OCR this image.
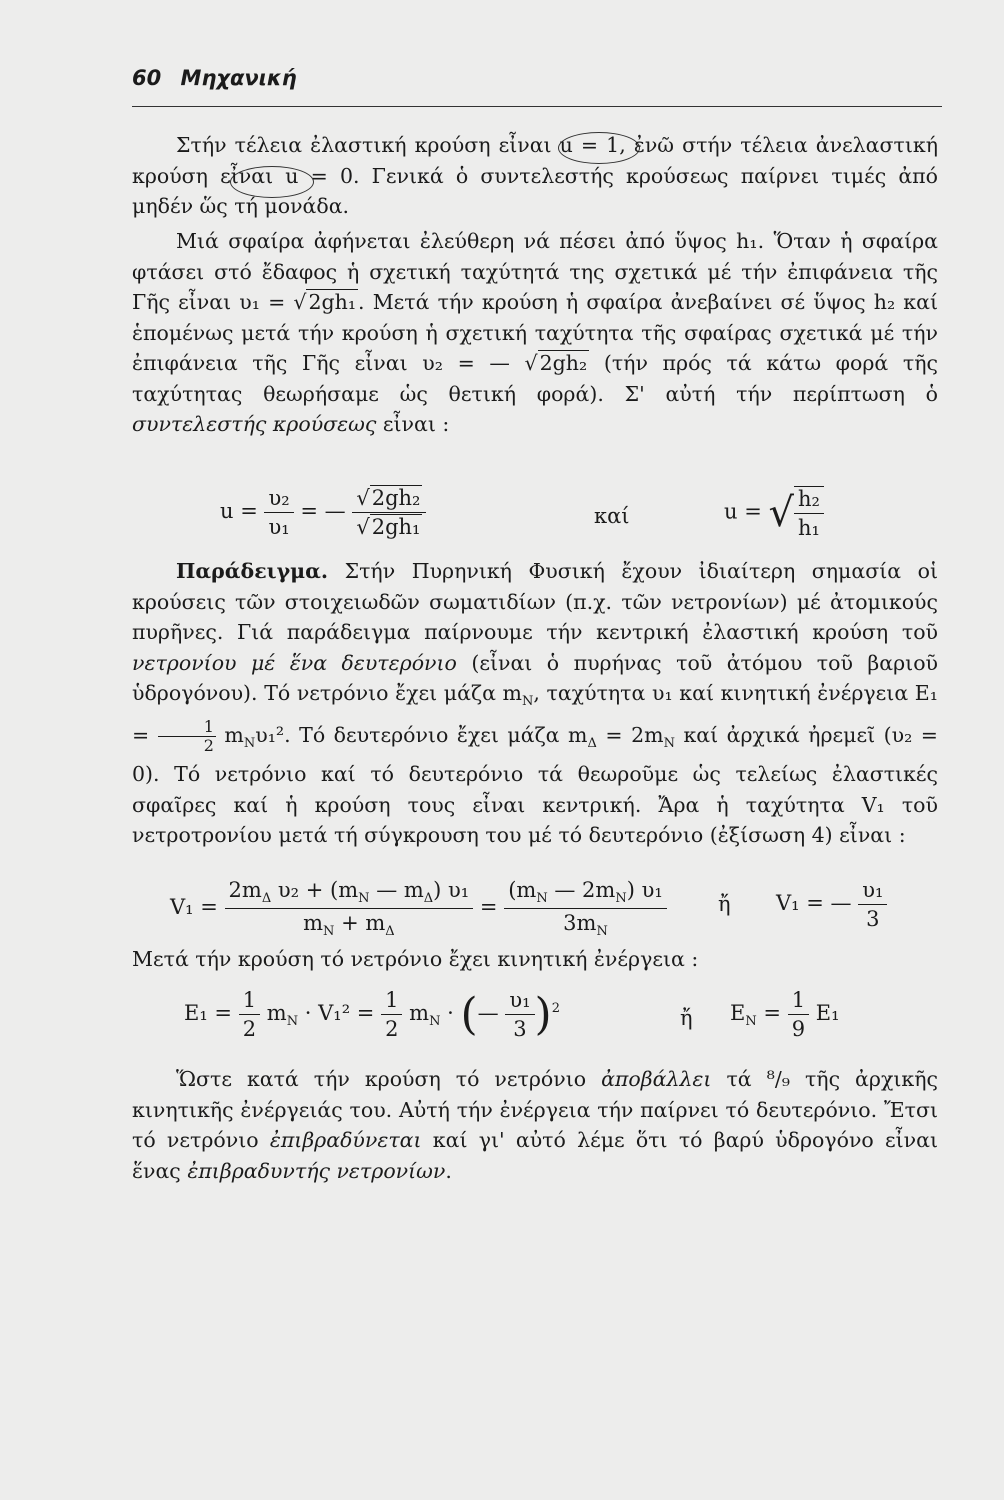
60 Μηχανική

Στήν τέλεια ἐλαστική κρούση εἶναι u = 1, ἐνῶ στήν τέλεια ἀνελαστική κρούση εἶναι u = 0. Γενικά ὁ συντελεστής κρούσεως παίρνει τιμές ἀπό μηδέν ὥς τή μονάδα.

Μιά σφαίρα ἀφήνεται ἐλεύθερη νά πέσει ἀπό ὕψος h₁. Ὅταν ἡ σφαίρα φτάσει στό ἔδαφος ἡ σχετική ταχύτητά της σχετικά μέ τήν ἐπιφάνεια τῆς Γῆς εἶναι υ₁ = √2gh₁. Μετά τήν κρούση ἡ σφαίρα ἀνεβαίνει σέ ὕψος h₂ καί ἑπομένως μετά τήν κρούση ἡ σχετική ταχύτητα τῆς σφαίρας σχετικά μέ τήν ἐπιφάνεια τῆς Γῆς εἶναι υ₂ = — √2gh₂ (τήν πρός τά κάτω φορά τῆς ταχύτητας θεωρήσαμε ὡς θετική φορά). Σ' αὐτή τήν περίπτωση ὁ συντελεστής κρούσεως εἶναι :

$u = \frac{\text{υ₂}}{\text{υ₁}}$ = — $\frac{\text{√2gh₂}}{\text{√2gh₁}}$	καί	u = √ $\frac{\text{h₂}}{\text{h₁}}$

Παράδειγμα. Στήν Πυρηνική Φυσική ἔχουν ἰδιαίτερη σημασία οἱ κρούσεις τῶν στοιχειωδῶν σωματιδίων (π.χ. τῶν νετρονίων) μέ ἀτομικούς πυρῆνες. Γιά παράδειγμα παίρνουμε τήν κεντρική ἐλαστική κρούση τοῦ νετρονίου μέ ἕνα δευτερόνιο (εἶναι ὁ πυρήνας τοῦ ἀτόμου τοῦ βαριοῦ ὑδρογόνου). Τό νετρόνιο ἔχει μάζα $m_N$, ταχύτητα υ₁ καί κινητική ἐνέργεια $E_1 = \frac{1}{2} m_N\upsilon_1^2$. Τό δευτερόνιο ἔχει μάζα $m_\Delta = 2m_N$ καί ἀρχικά ἠρεμεῖ (υ₂ = 0). Τό νετρόνιο καί τό δευτερόνιο τά θεωροῦμε ὡς τελείως ἐλαστικές σφαῖρες καί ἡ κρούση τους εἶναι κεντρική. Ἄρα ἡ ταχύτητα V₁ τοῦ νετροτρονίου μετά τή σύγκρουση του μέ τό δευτερόνιο (ἐξίσωση 4) εἶναι :

$V_1 = \frac{2m_\Delta \upsilon_2 + (m_N — m_\Delta) \upsilon_1}{m_N + m_\Delta} = \frac{(m_N — 2m_N) \upsilon_1}{3m_N}$ ἤ V₁ = — $\frac{\text{υ₁}}{3}$

Μετά τήν κρούση τό νετρόνιο ἔχει κινητική ἐνέργεια :

$E_1 = \frac{1}{2} m_N \cdot V_1^2 = \frac{1}{2} m_N$ · (— $\frac{\text{υ₁}}{3} )^2$	ἤ $E_N = \frac{1}{9} E_1$

Ὥστε κατά τήν κρούση τό νετρόνιο ἀποβάλλει τά ⁸/₉ τῆς ἀρχικῆς κινητικῆς ἐνέργειάς του. Αὐτή τήν ἐνέργεια τήν παίρνει τό δευτερόνιο. Ἔτσι τό νετρόνιο ἐπιβραδύνεται καί γι' αὐτό λέμε ὅτι τό βαρύ ὑδρογόνο εἶναι ἕνας ἐπιβραδυντής νετρονίων.
